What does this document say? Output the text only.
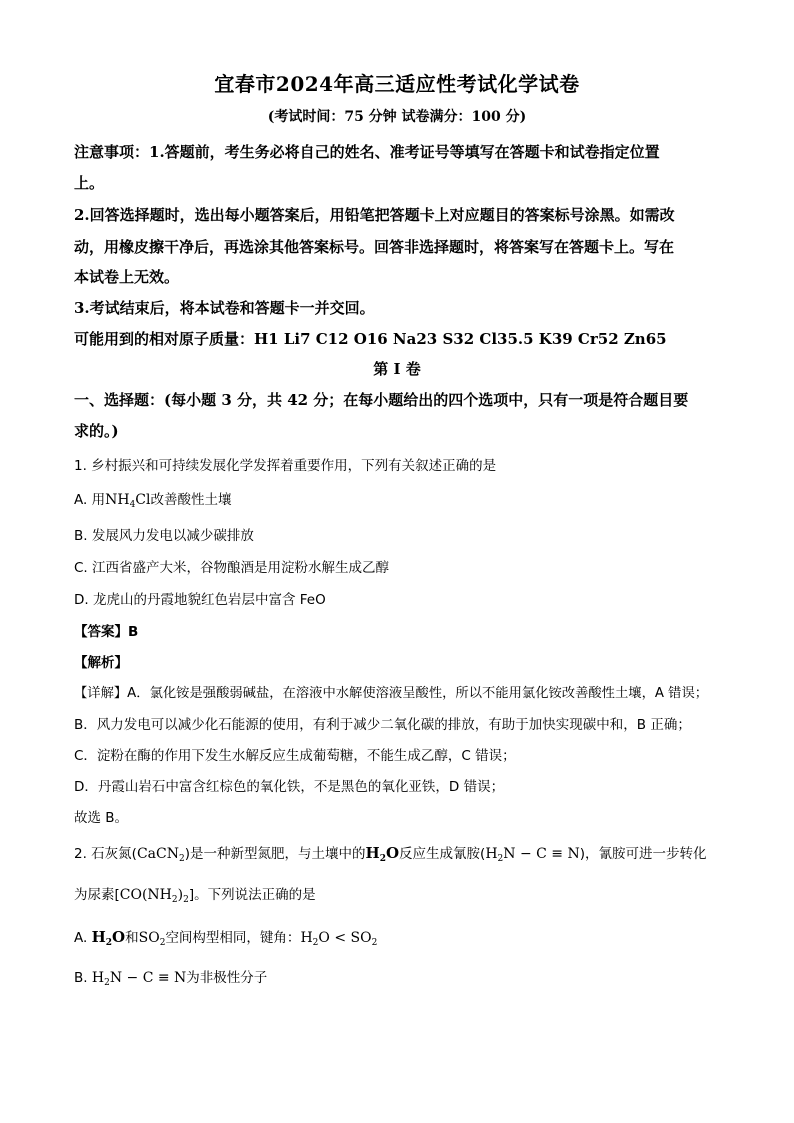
宜春市2024年高三适应性考试化学试卷
(考试时间：75 分钟 试卷满分：100 分)
注意事项：1.答题前，考生务必将自己的姓名、准考证号等填写在答题卡和试卷指定位置
上。
2.回答选择题时，选出每小题答案后，用铅笔把答题卡上对应题目的答案标号涂黑。如需改
动，用橡皮擦干净后，再选涂其他答案标号。回答非选择题时，将答案写在答题卡上。写在
本试卷上无效。
3.考试结束后，将本试卷和答题卡一并交回。
可能用到的相对原子质量：H1 Li7 C12 O16 Na23 S32 Cl35.5 K39 Cr52 Zn65
第 I 卷
一、选择题：(每小题 3 分，共 42 分；在每小题给出的四个选项中，只有一项是符合题目要
求的。)
1. 乡村振兴和可持续发展化学发挥着重要作用，下列有关叙述正确的是
A. 用$NH_4Cl$改善酸性土壤
B. 发展风力发电以减少碳排放
C. 江西省盛产大米，谷物酿酒是用淀粉水解生成乙醇
D. 龙虎山的丹霞地貌红色岩层中富含 FeO
【答案】B
【解析】
【详解】A．氯化铵是强酸弱碱盐，在溶液中水解使溶液呈酸性，所以不能用氯化铵改善酸性土壤，A 错误；
B．风力发电可以减少化石能源的使用，有利于减少二氧化碳的排放，有助于加快实现碳中和，B 正确；
C．淀粉在酶的作用下发生水解反应生成葡萄糖，不能生成乙醇，C 错误；
D．丹霞山岩石中富含红棕色的氧化铁，不是黑色的氧化亚铁，D 错误；
故选 B。
2. 石灰氮(CaCN$_2$)是一种新型氮肥，与土壤中的$H_2O$反应生成氰胺$(H_2N - C \equiv N)$，氰胺可进一步转化
为尿素$[CO(NH_2)_2]$。下列说法正确的是
A. $H_2O$和$SO_2$空间构型相同，键角：$H_2O < SO_2$
B. $H_2N - C \equiv N$为非极性分子
